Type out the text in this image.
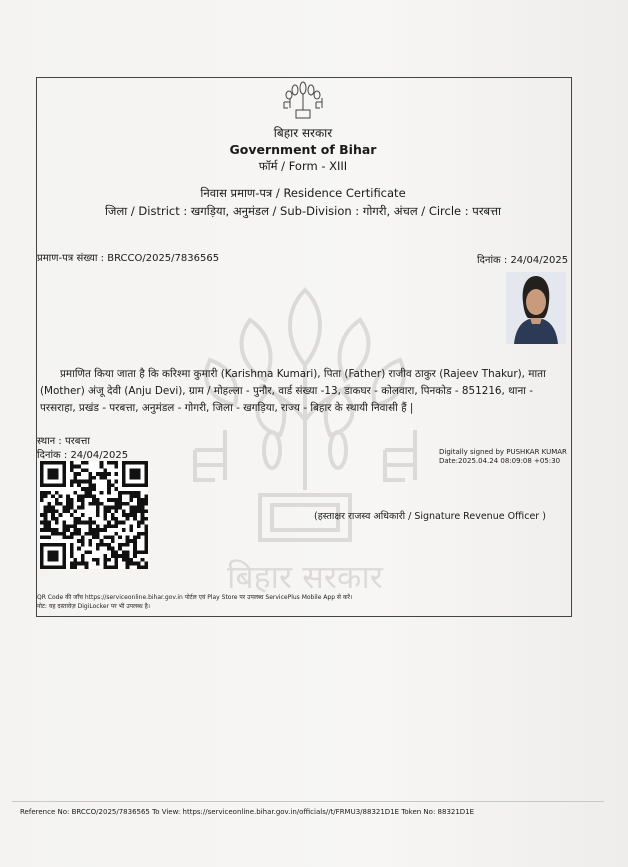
बिहार सरकार
बिहार सरकार
Government of Bihar
फॉर्म / Form - XIII
निवास प्रमाण-पत्र / Residence Certificate
जिला / District : खगड़िया, अनुमंडल / Sub-Division : गोगरी, अंचल / Circle : परबत्ता
प्रमाण-पत्र संख्या : BRCCO/2025/7836565	दिनांक : 24/04/2025
प्रमाणित किया जाता है कि करिश्मा कुमारी (Karishma Kumari), पिता (Father) राजीव ठाकुर (Rajeev Thakur), माता (Mother) अंजू देवी (Anju Devi), ग्राम / मोहल्ला - पुनौर, वार्ड संख्या -13, डाकघर - कोलवारा, पिनकोड - 851216, थाना - परसराहा, प्रखंड - परबत्ता, अनुमंडल - गोगरी, जिला - खगड़िया, राज्य - बिहार के स्थायी निवासी हैं |
स्थान : परबत्ता
दिनांक : 24/04/2025	Digitally signed by PUSHKAR KUMAR
Date:2025.04.24 08:09:08 +05:30
(हस्ताक्षर राजस्व अधिकारी / Signature Revenue Officer )
QR Code की जाँच https://serviceonline.bihar.gov.in पोर्टल एवं Play Store पर उपलब्ध ServicePlus Mobile App से करें।
नोट: यह दस्तावेज़ DigiLocker पर भी उपलब्ध है।
Reference No: BRCCO/2025/7836565 To View: https://serviceonline.bihar.gov.in/officials//t/FRMU3/88321D1E Token No: 88321D1E
